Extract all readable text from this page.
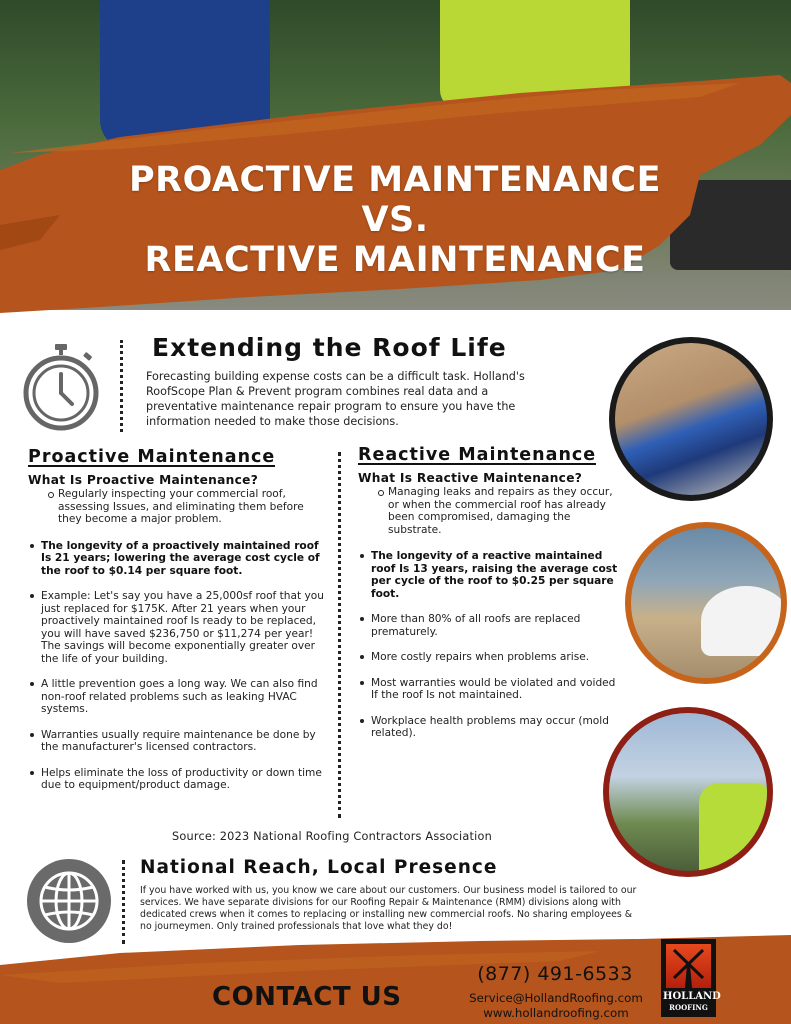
PROACTIVE MAINTENANCE
VS.
REACTIVE MAINTENANCE
Extending the Roof Life
Forecasting building expense costs can be a difficult task. Holland's RoofScope Plan & Prevent program combines real data and a preventative maintenance repair program to ensure you have the information needed to make those decisions.
Proactive Maintenance
What Is Proactive Maintenance?
Regularly inspecting your commercial roof, assessing Issues, and eliminating them before they become a major problem.
The longevity of a proactively maintained roof Is 21 years; lowering the average cost cycle of the roof to $0.14 per square foot.
Example: Let's say you have a 25,000sf roof that you just replaced for $175K. After 21 years when your proactively maintained roof Is ready to be replaced, you will have saved $236,750 or $11,274 per year! The savings will become exponentially greater over the life of your building.
A little prevention goes a long way. We can also find non-roof related problems such as leaking HVAC systems.
Warranties usually require maintenance be done by the manufacturer's licensed contractors.
Helps eliminate the loss of productivity or down time due to equipment/product damage.
Reactive Maintenance
What Is Reactive Maintenance?
Managing leaks and repairs as they occur, or when the commercial roof has already been compromised, damaging the substrate.
The longevity of a reactive maintained roof Is 13 years, raising the average cost per cycle of the roof to $0.25 per square foot.
More than 80% of all roofs are replaced prematurely.
More costly repairs when problems arise.
Most warranties would be violated and voided If the roof Is not maintained.
Workplace health problems may occur (mold related).
Source: 2023 National Roofing Contractors Association
National Reach, Local Presence
If you have worked with us, you know we care about our customers. Our business model is tailored to our services. We have separate divisions for our Roofing Repair & Maintenance (RMM) divisions along with dedicated crews when it comes to replacing or installing new commercial roofs. No sharing employees & no journeymen. Only trained professionals that love what they do!
CONTACT US
(877) 491-6533
Service@HollandRoofing.com
www.hollandroofing.com
HOLLAND
ROOFING
